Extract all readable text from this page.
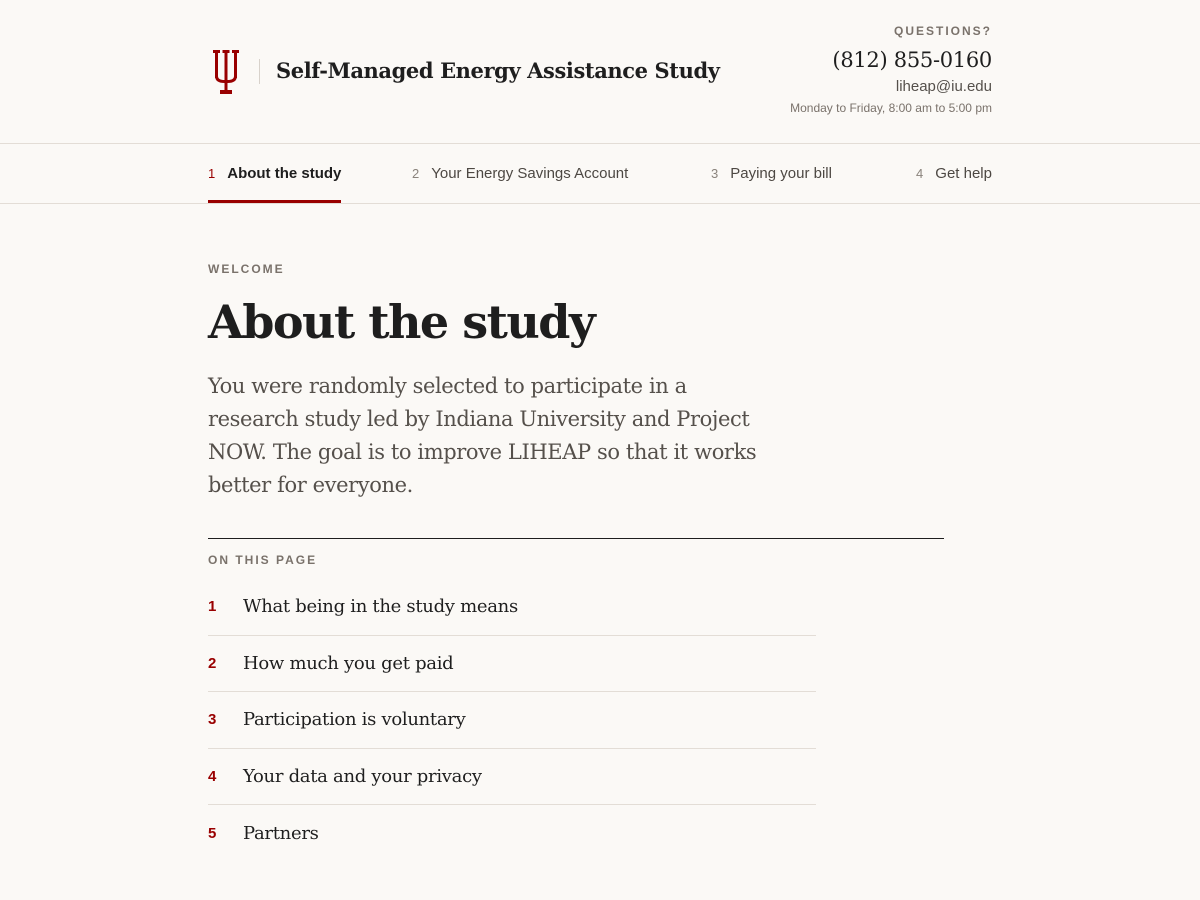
Self-Managed Energy Assistance Study
QUESTIONS?
(812) 855-0160
liheap@iu.edu
Monday to Friday, 8:00 am to 5:00 pm
1 About the study	2 Your Energy Savings Account	3 Paying your bill	4 Get help
WELCOME
About the study

You were randomly selected to participate in a research study led by Indiana University and Project NOW. The goal is to improve LIHEAP so that it works better for everyone.

ON THIS PAGE
1	What being in the study means
2	How much you get paid
3	Participation is voluntary
4	Your data and your privacy
5	Partners
